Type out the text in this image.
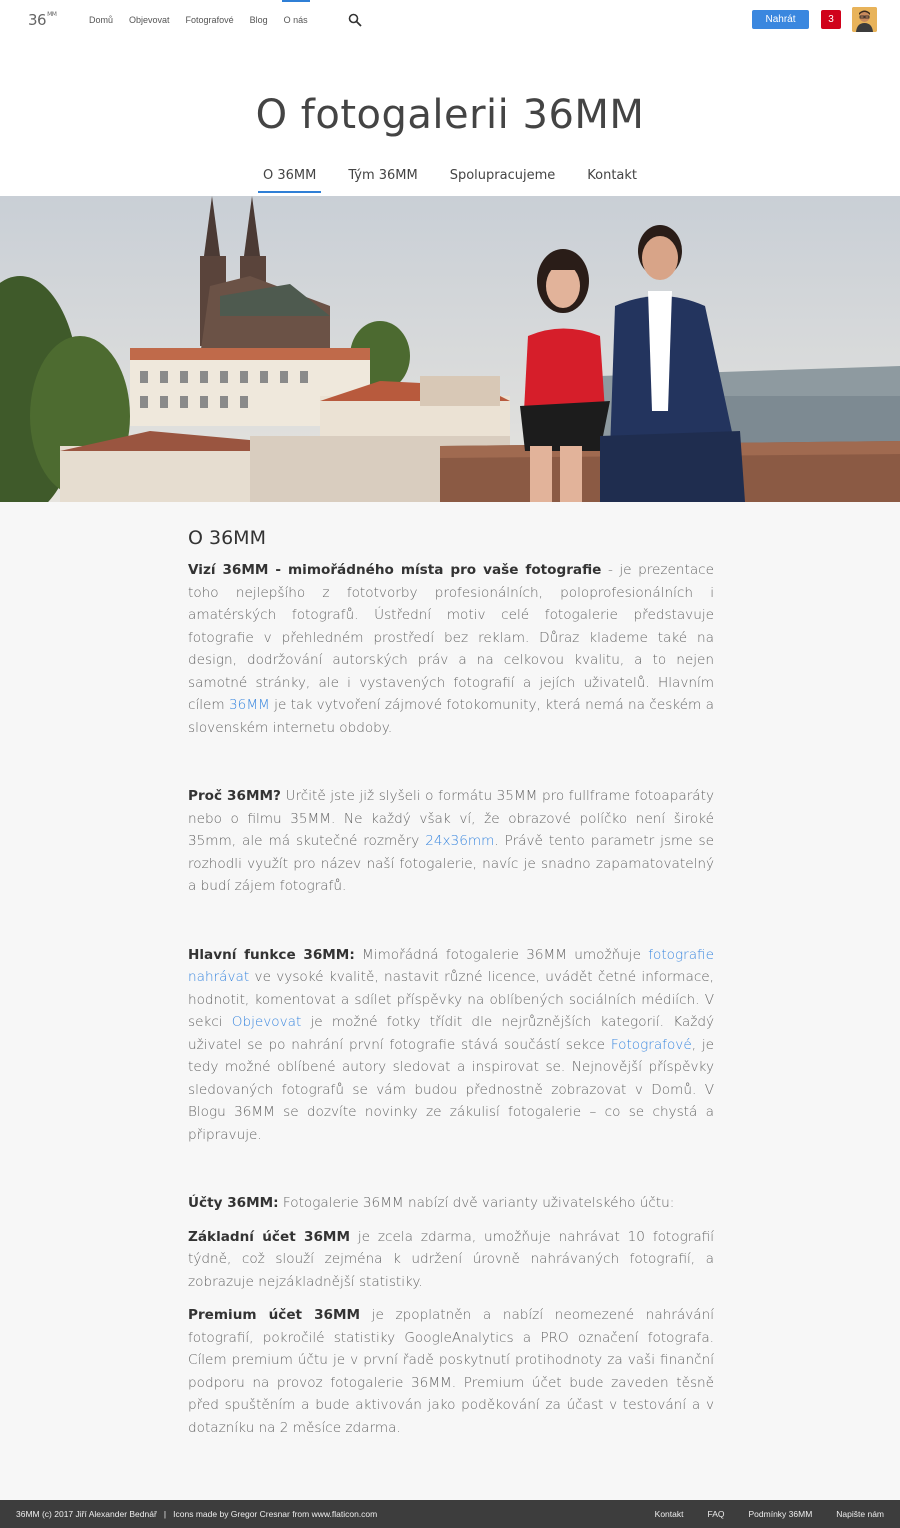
36MM
Domů Objevovat Fotografové Blog O nás	Nahrát	3
O fotogalerii 36MM
O 36MM Tým 36MM Spolupracujeme Kontakt
O 36MM

Vizí 36MM - mimořádného místa pro vaše fotografie - je prezentace toho nejlepšího z fototvorby profesionálních, poloprofesionálních i amatérských fotografů. Ústřední motiv celé fotogalerie představuje fotografie v přehledném prostředí bez reklam. Důraz klademe také na design, dodržování autorských práv a na celkovou kvalitu, a to nejen samotné stránky, ale i vystavených fotografií a jejích uživatelů. Hlavním cílem 36MM je tak vytvoření zájmové fotokomunity, která nemá na českém a slovenském internetu obdoby.

Proč 36MM? Určitě jste již slyšeli o formátu 35MM pro fullframe fotoaparáty nebo o filmu 35MM. Ne každý však ví, že obrazové políčko není široké 35mm, ale má skutečné rozměry 24x36mm. Právě tento parametr jsme se rozhodli využít pro název naší fotogalerie, navíc je snadno zapamatovatelný a budí zájem fotografů.

Hlavní funkce 36MM: Mimořádná fotogalerie 36MM umožňuje fotografie nahrávat ve vysoké kvalitě, nastavit různé licence, uvádět četné informace, hodnotit, komentovat a sdílet příspěvky na oblíbených sociálních médiích. V sekci Objevovat je možné fotky třídit dle nejrůznějších kategorií. Každý uživatel se po nahrání první fotografie stává součástí sekce Fotografové, je tedy možné oblíbené autory sledovat a inspirovat se. Nejnovější příspěvky sledovaných fotografů se vám budou přednostně zobrazovat v Domů. V Blogu 36MM se dozvíte novinky ze zákulisí fotogalerie – co se chystá a připravuje.

Účty 36MM: Fotogalerie 36MM nabízí dvě varianty uživatelského účtu:

Základní účet 36MM je zcela zdarma, umožňuje nahrávat 10 fotografií týdně, což slouží zejména k udržení úrovně nahrávaných fotografií, a zobrazuje nejzákladnější statistiky.

Premium účet 36MM je zpoplatněn a nabízí neomezené nahrávání fotografií, pokročilé statistiky GoogleAnalytics a PRO označení fotografa. Cílem premium účtu je v první řadě poskytnutí protihodnoty za vaši finanční podporu na provoz fotogalerie 36MM. Premium účet bude zaveden těsně před spuštěním a bude aktivován jako poděkování za účast v testování a v dotazníku na 2 měsíce zdarma.

36MM (c) 2017 Jiří Alexander Bednář   |   Icons made by Gregor Cresnar from www.flaticon.com	Kontakt	FAQ	Podmínky 36MM	Napište nám
